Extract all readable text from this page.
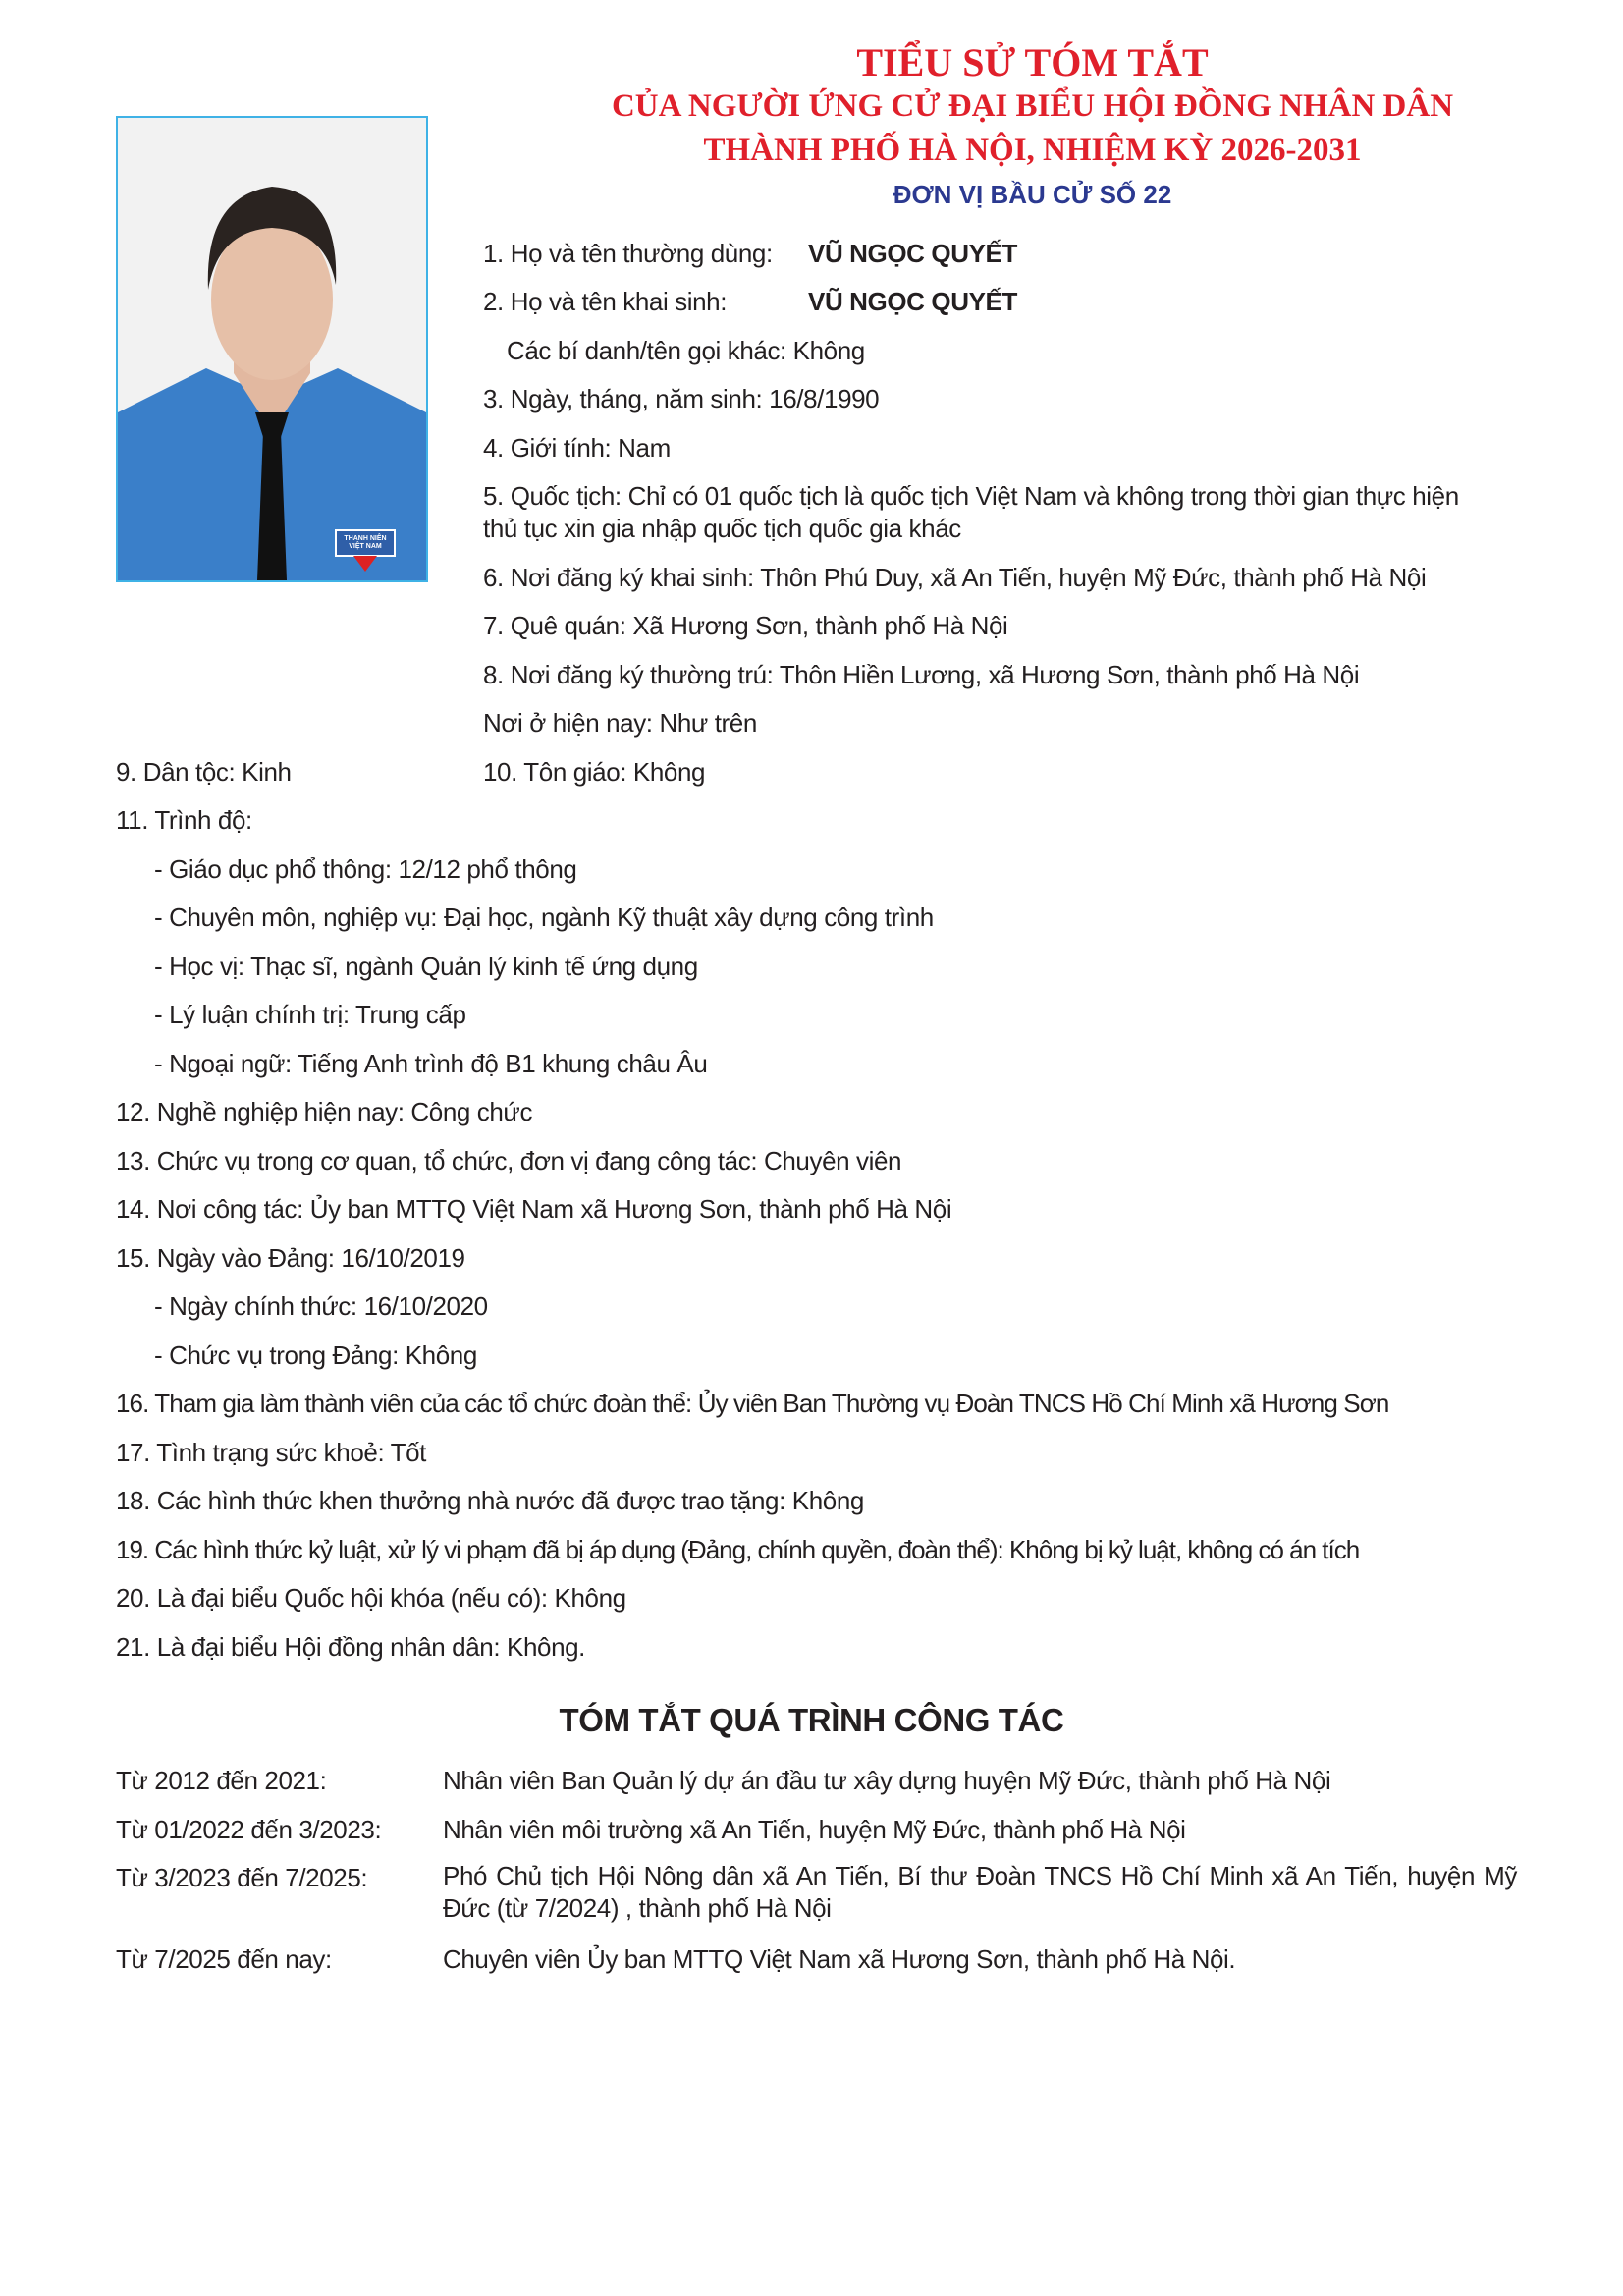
TIỂU SỬ TÓM TẮT
CỦA NGƯỜI ỨNG CỬ ĐẠI BIỂU HỘI ĐỒNG NHÂN DÂN
THÀNH PHỐ HÀ NỘI, NHIỆM KỲ 2026-2031
ĐƠN VỊ BẦU CỬ SỐ 22
THANH NIÊN VIỆT NAM
1. Họ và tên thường dùng: VŨ NGỌC QUYẾT
2. Họ và tên khai sinh:	VŨ NGỌC QUYẾT
Các bí danh/tên gọi khác: Không
3. Ngày, tháng, năm sinh: 16/8/1990
4. Giới tính: Nam
5. Quốc tịch: Chỉ có 01 quốc tịch là quốc tịch Việt Nam và không trong thời gian thực hiện
thủ tục xin gia nhập quốc tịch quốc gia khác
6. Nơi đăng ký khai sinh: Thôn Phú Duy, xã An Tiến, huyện Mỹ Đức, thành phố Hà Nội
7. Quê quán: Xã Hương Sơn, thành phố Hà Nội
8. Nơi đăng ký thường trú: Thôn Hiền Lương, xã Hương Sơn, thành phố Hà Nội
Nơi ở hiện nay: Như trên
9. Dân tộc: Kinh	10. Tôn giáo: Không
11. Trình độ:
- Giáo dục phổ thông: 12/12 phổ thông
- Chuyên môn, nghiệp vụ: Đại học, ngành Kỹ thuật xây dựng công trình
- Học vị: Thạc sĩ, ngành Quản lý kinh tế ứng dụng
- Lý luận chính trị: Trung cấp
- Ngoại ngữ: Tiếng Anh trình độ B1 khung châu Âu
12. Nghề nghiệp hiện nay: Công chức
13. Chức vụ trong cơ quan, tổ chức, đơn vị đang công tác: Chuyên viên
14. Nơi công tác: Ủy ban MTTQ Việt Nam xã Hương Sơn, thành phố Hà Nội
15. Ngày vào Đảng: 16/10/2019
- Ngày chính thức: 16/10/2020
- Chức vụ trong Đảng: Không
16. Tham gia làm thành viên của các tổ chức đoàn thể: Ủy viên Ban Thường vụ Đoàn TNCS Hồ Chí Minh xã Hương Sơn
17. Tình trạng sức khoẻ: Tốt
18. Các hình thức khen thưởng nhà nước đã được trao tặng: Không
19. Các hình thức kỷ luật, xử lý vi phạm đã bị áp dụng (Đảng, chính quyền, đoàn thể): Không bị kỷ luật, không có án tích
20. Là đại biểu Quốc hội khóa (nếu có): Không
21. Là đại biểu Hội đồng nhân dân: Không.
TÓM TẮT QUÁ TRÌNH CÔNG TÁC
Từ 2012 đến 2021:	Nhân viên Ban Quản lý dự án đầu tư xây dựng huyện Mỹ Đức, thành phố Hà Nội
Từ 01/2022 đến 3/2023: Nhân viên môi trường xã An Tiến, huyện Mỹ Đức, thành phố Hà Nội
Từ 3/2023 đến 7/2025:	Phó Chủ tịch Hội Nông dân xã An Tiến, Bí thư Đoàn TNCS Hồ Chí Minh xã An Tiến, huyện Mỹ Đức (từ 7/2024) , thành phố Hà Nội
Từ 7/2025 đến nay:	Chuyên viên Ủy ban MTTQ Việt Nam xã Hương Sơn, thành phố Hà Nội.
